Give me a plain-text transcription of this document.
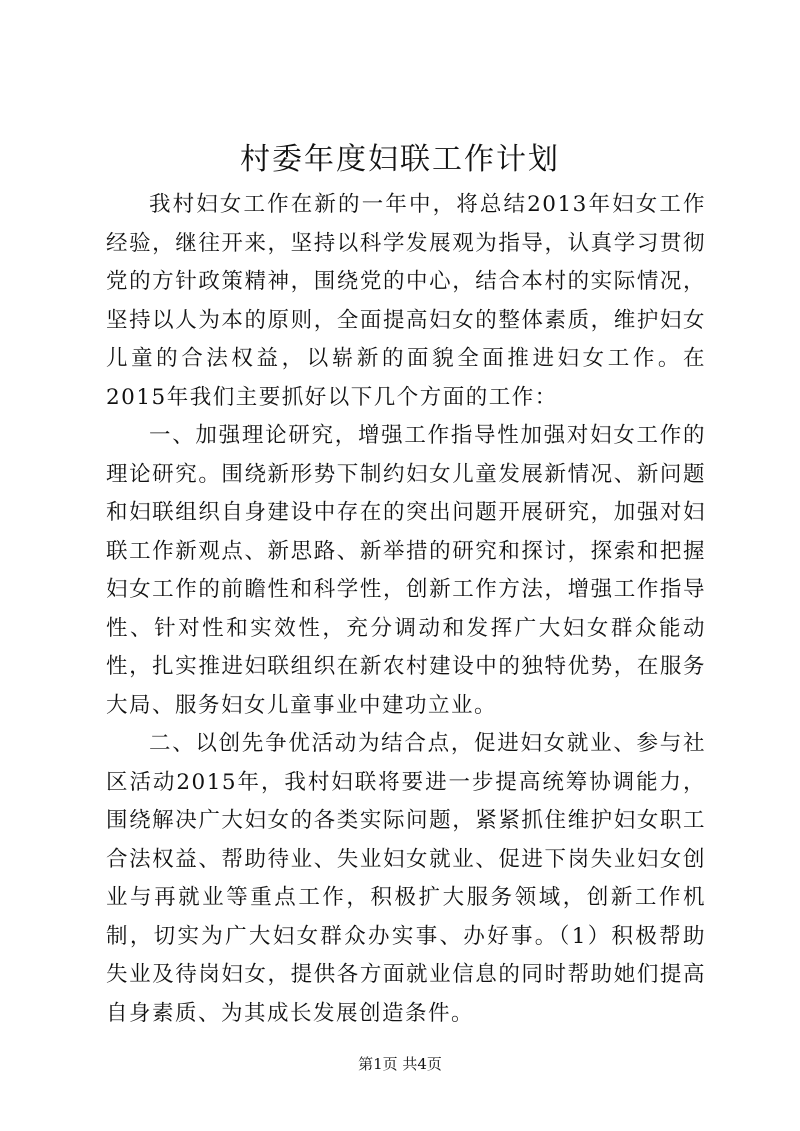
村委年度妇联工作计划

我村妇女工作在新的一年中，将总结2013年妇女工作经验，继往开来，坚持以科学发展观为指导，认真学习贯彻党的方针政策精神，围绕党的中心，结合本村的实际情况，坚持以人为本的原则，全面提高妇女的整体素质，维护妇女儿童的合法权益，以崭新的面貌全面推进妇女工作。在2015年我们主要抓好以下几个方面的工作：

一、加强理论研究，增强工作指导性加强对妇女工作的理论研究。围绕新形势下制约妇女儿童发展新情况、新问题和妇联组织自身建设中存在的突出问题开展研究，加强对妇联工作新观点、新思路、新举措的研究和探讨，探索和把握妇女工作的前瞻性和科学性，创新工作方法，增强工作指导性、针对性和实效性，充分调动和发挥广大妇女群众能动性，扎实推进妇联组织在新农村建设中的独特优势，在服务大局、服务妇女儿童事业中建功立业。

二、以创先争优活动为结合点，促进妇女就业、参与社区活动2015年，我村妇联将要进一步提高统筹协调能力，围绕解决广大妇女的各类实际问题，紧紧抓住维护妇女职工合法权益、帮助待业、失业妇女就业、促进下岗失业妇女创业与再就业等重点工作，积极扩大服务领域，创新工作机制，切实为广大妇女群众办实事、办好事。（1）积极帮助失业及待岗妇女，提供各方面就业信息的同时帮助她们提高自身素质、为其成长发展创造条件。

第1页 共4页
